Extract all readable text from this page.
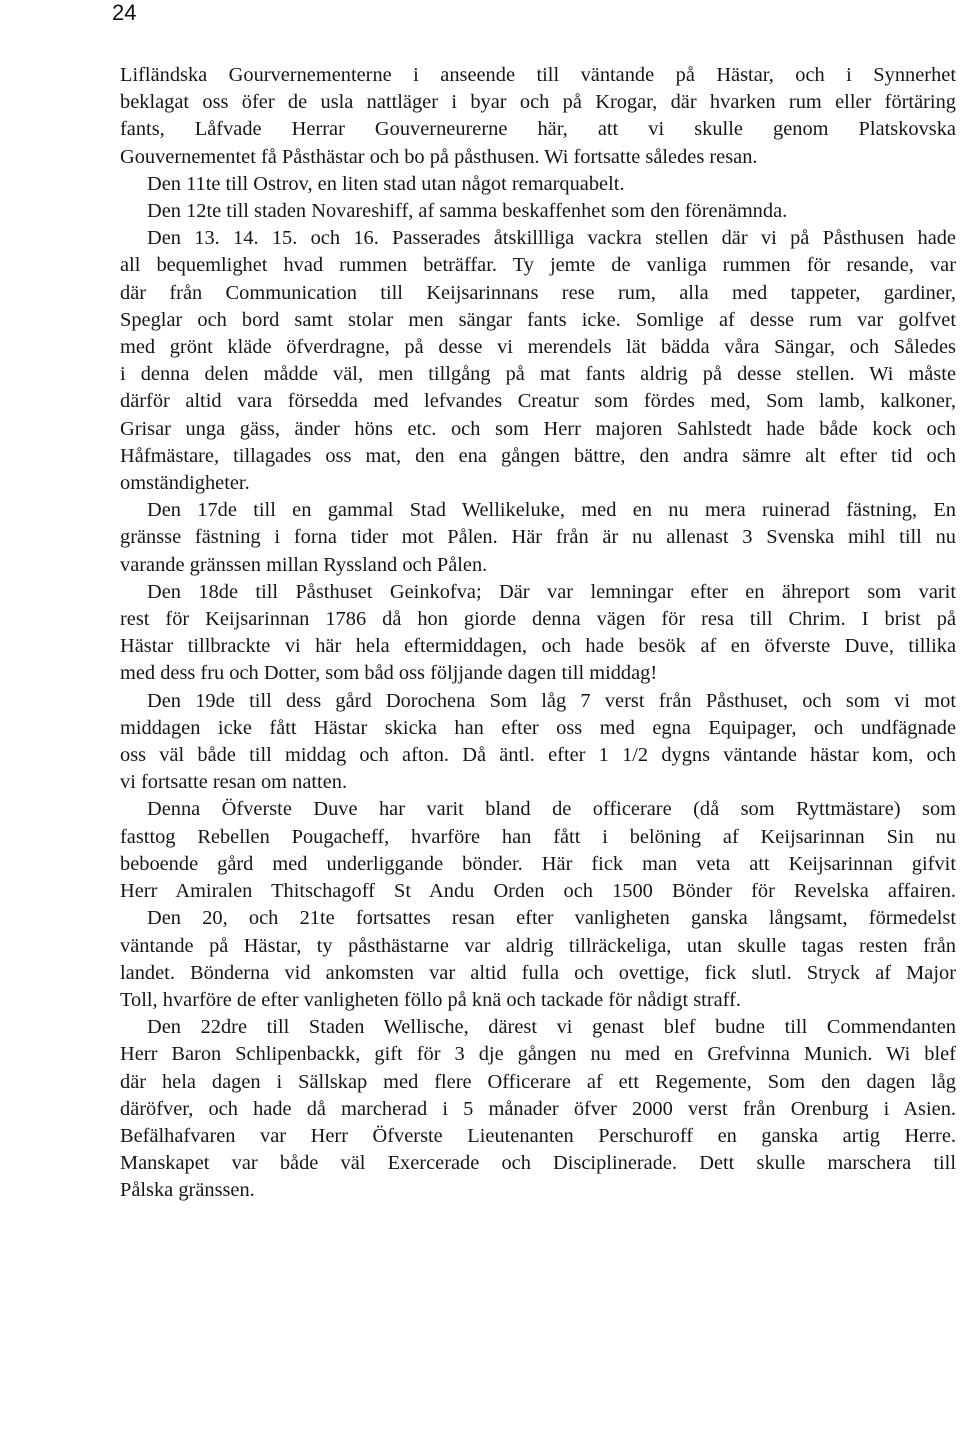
24
Lifländska Gourvernementerne i anseende till väntande på Hästar, och i Synnerhet
beklagat oss öfer de usla nattläger i byar och på Krogar, där hvarken rum eller förtäring
fants, Låfvade Herrar Gouverneurerne här, att vi skulle genom Platskovska
Gouvernementet få Påsthästar och bo på påsthusen. Wi fortsatte således resan.
Den 11te till Ostrov, en liten stad utan något remarquabelt.
Den 12te till staden Novareshiff, af samma beskaffenhet som den förenämnda.
Den 13. 14. 15. och 16. Passerades åtskillliga vackra stellen där vi på Påsthusen hade
all bequemlighet hvad rummen beträffar. Ty jemte de vanliga rummen för resande, var
där från Communication till Keijsarinnans rese rum, alla med tappeter, gardiner,
Speglar och bord samt stolar men sängar fants icke. Somlige af desse rum var golfvet
med grönt kläde öfverdragne, på desse vi merendels lät bädda våra Sängar, och Således
i denna delen mådde väl, men tillgång på mat fants aldrig på desse stellen. Wi måste
därför altid vara försedda med lefvandes Creatur som fördes med, Som lamb, kalkoner,
Grisar unga gäss, änder höns etc. och som Herr majoren Sahlstedt hade både kock och
Håfmästare, tillagades oss mat, den ena gången bättre, den andra sämre alt efter tid och
omständigheter.
Den 17de till en gammal Stad Wellikeluke, med en nu mera ruinerad fästning, En
gränsse fästning i forna tider mot Pålen. Här från är nu allenast 3 Svenska mihl till nu
varande gränssen millan Ryssland och Pålen.
Den 18de till Påsthuset Geinkofva; Där var lemningar efter en ähreport som varit
rest för Keijsarinnan 1786 då hon giorde denna vägen för resa till Chrim. I brist på
Hästar tillbrackte vi här hela eftermiddagen, och hade besök af en öfverste Duve, tillika
med dess fru och Dotter, som båd oss följjande dagen till middag!
Den 19de till dess gård Dorochena Som låg 7 verst från Påsthuset, och som vi mot
middagen icke fått Hästar skicka han efter oss med egna Equipager, och undfägnade
oss väl både till middag och afton. Då äntl. efter 1 1/2 dygns väntande hästar kom, och
vi fortsatte resan om natten.
Denna Öfverste Duve har varit bland de officerare (då som Ryttmästare) som
fasttog Rebellen Pougacheff, hvarföre han fått i belöning af Keijsarinnan Sin nu
beboende gård med underliggande bönder. Här fick man veta att Keijsarinnan gifvit
Herr Amiralen Thitschagoff St Andu Orden och 1500 Bönder för Revelska affairen.
Den 20, och 21te fortsattes resan efter vanligheten ganska långsamt, förmedelst
väntande på Hästar, ty påsthästarne var aldrig tillräckeliga, utan skulle tagas resten från
landet. Bönderna vid ankomsten var altid fulla och ovettige, fick slutl. Stryck af Major
Toll, hvarföre de efter vanligheten föllo på knä och tackade för nådigt straff.
Den 22dre till Staden Wellische, därest vi genast blef budne till Commendanten
Herr Baron Schlipenbackk, gift för 3 dje gången nu med en Grefvinna Munich. Wi blef
där hela dagen i Sällskap med flere Officerare af ett Regemente, Som den dagen låg
däröfver, och hade då marcherad i 5 månader öfver 2000 verst från Orenburg i Asien.
Befälhafvaren var Herr Öfverste Lieutenanten Perschuroff en ganska artig Herre.
Manskapet var både väl Exercerade och Disciplinerade. Dett skulle marschera till
Pålska gränssen.
